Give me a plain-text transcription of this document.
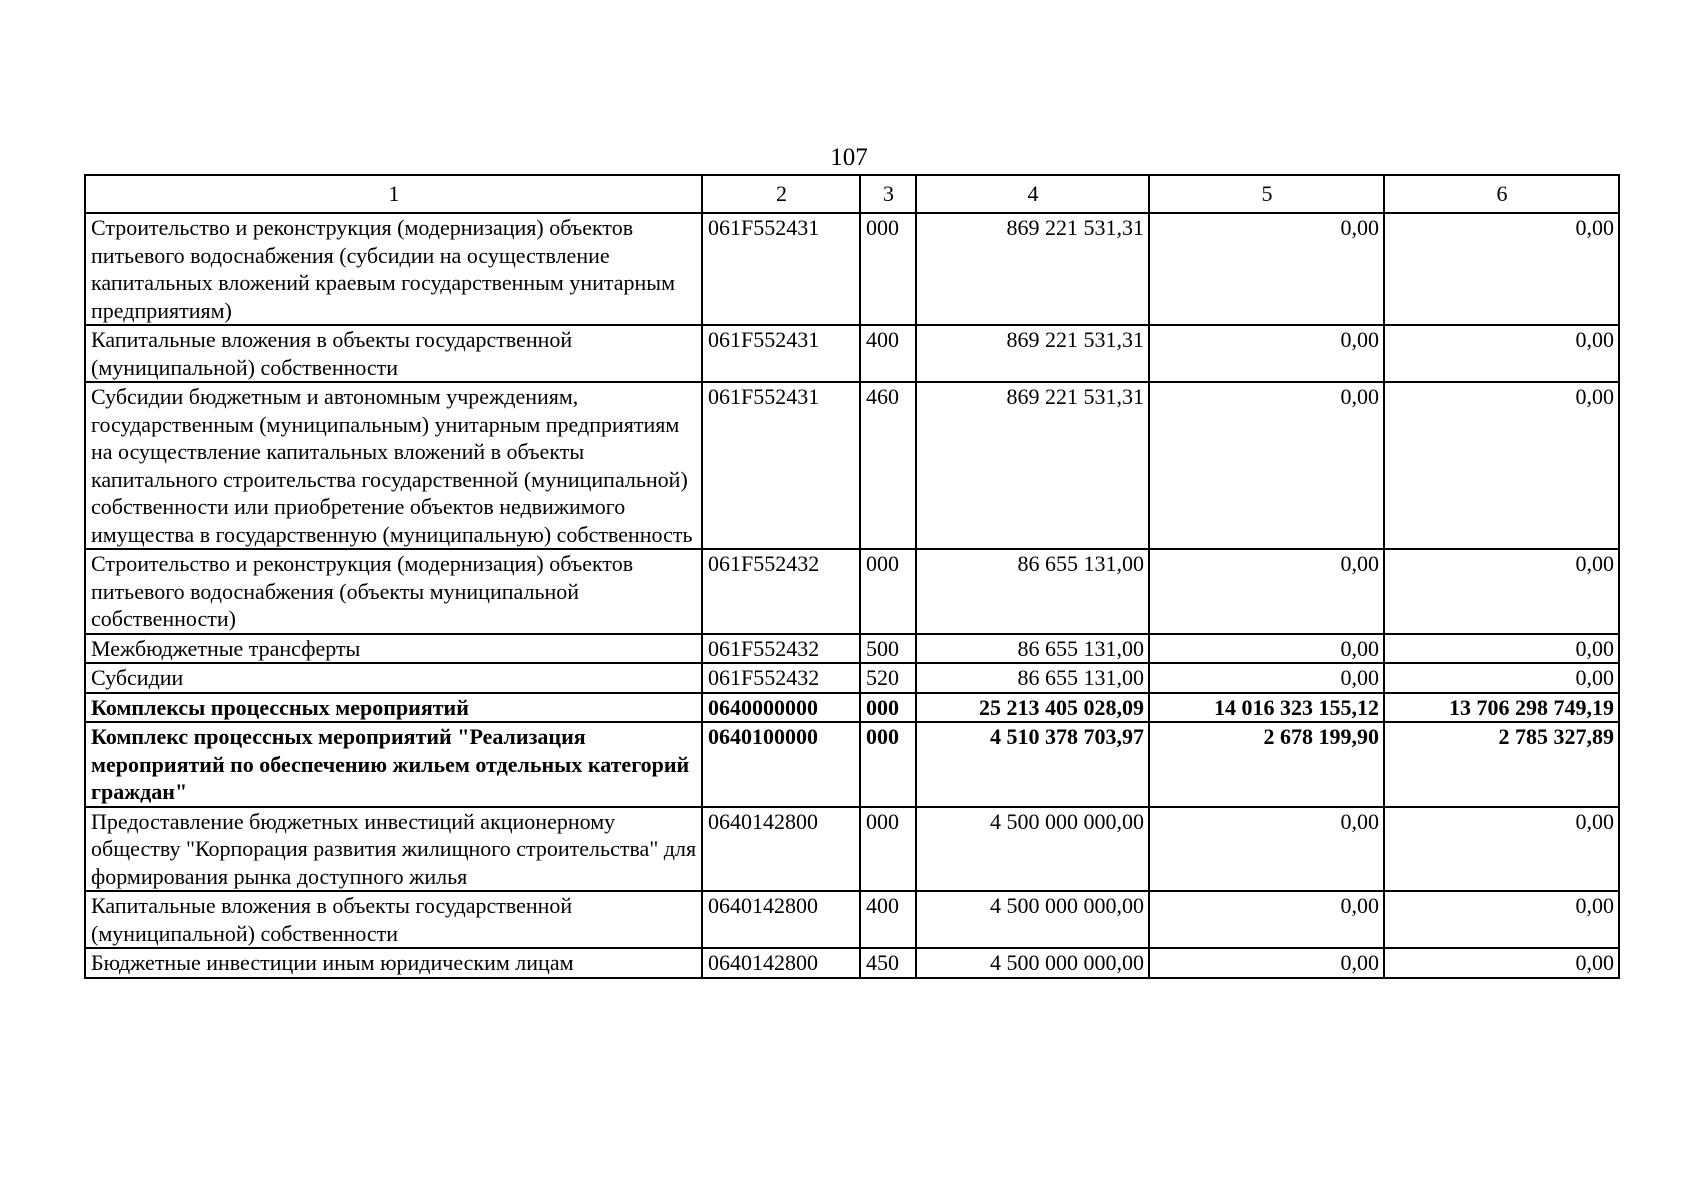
107
1	2	3	4	5	6
Строительство и реконструкция (модернизация) объектов питьевого водоснабжения (субсидии на осуществление капитальных вложений краевым государственным унитарным предприятиям)	061F552431	000	869 221 531,31	0,00	0,00
Капитальные вложения в объекты государственной (муниципальной) собственности	061F552431	400	869 221 531,31	0,00	0,00
Субсидии бюджетным и автономным учреждениям, государственным (муниципальным) унитарным предприятиям на осуществление капитальных вложений в объекты капитального строительства государственной (муниципальной) собственности или приобретение объектов недвижимого имущества в государственную (муниципальную) собственность	061F552431	460	869 221 531,31	0,00	0,00
Строительство и реконструкция (модернизация) объектов питьевого водоснабжения (объекты муниципальной собственности)	061F552432	000	86 655 131,00	0,00	0,00
Межбюджетные трансферты	061F552432	500	86 655 131,00	0,00	0,00
Субсидии	061F552432	520	86 655 131,00	0,00	0,00
Комплексы процессных мероприятий	0640000000	000	25 213 405 028,09	14 016 323 155,12	13 706 298 749,19
Комплекс процессных мероприятий "Реализация мероприятий по обеспечению жильем отдельных категорий граждан"	0640100000	000	4 510 378 703,97	2 678 199,90	2 785 327,89
Предоставление бюджетных инвестиций акционерному обществу "Корпорация развития жилищного строительства" для формирования рынка доступного жилья	0640142800	000	4 500 000 000,00	0,00	0,00
Капитальные вложения в объекты государственной (муниципальной) собственности	0640142800	400	4 500 000 000,00	0,00	0,00
Бюджетные инвестиции иным юридическим лицам	0640142800	450	4 500 000 000,00	0,00	0,00
